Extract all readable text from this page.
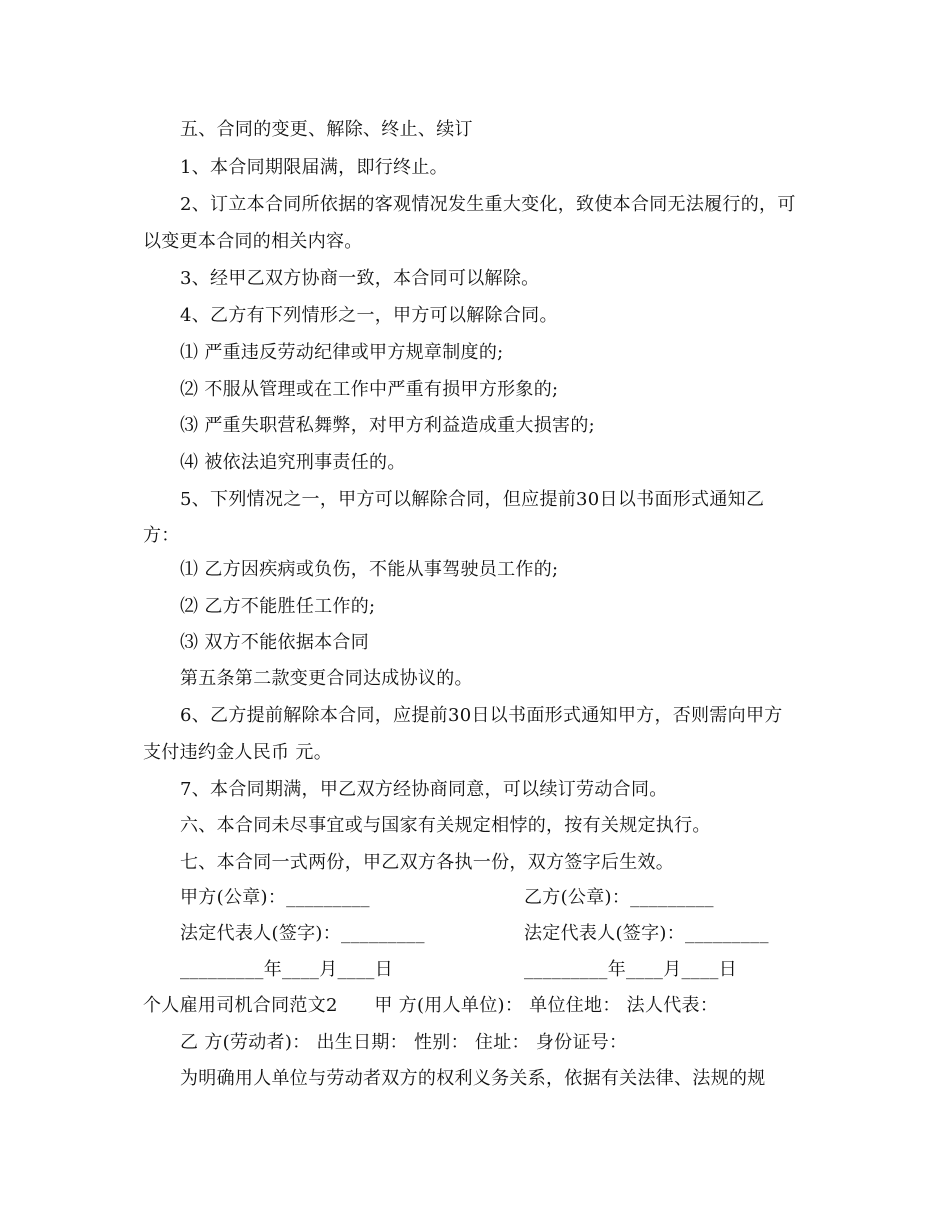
五、合同的变更、解除、终止、续订
1、本合同期限届满，即行终止。
2、订立本合同所依据的客观情况发生重大变化，致使本合同无法履行的，可
以变更本合同的相关内容。
3、经甲乙双方协商一致，本合同可以解除。
4、乙方有下列情形之一，甲方可以解除合同。
⑴ 严重违反劳动纪律或甲方规章制度的;
⑵ 不服从管理或在工作中严重有损甲方形象的;
⑶ 严重失职营私舞弊，对甲方利益造成重大损害的;
⑷ 被依法追究刑事责任的。
5、下列情况之一，甲方可以解除合同，但应提前30日以书面形式通知乙
方：
⑴ 乙方因疾病或负伤，不能从事驾驶员工作的;
⑵ 乙方不能胜任工作的;
⑶ 双方不能依据本合同
第五条第二款变更合同达成协议的。
6、乙方提前解除本合同，应提前30日以书面形式通知甲方，否则需向甲方
支付违约金人民币 元。
7、本合同期满，甲乙双方经协商同意，可以续订劳动合同。
六、本合同未尽事宜或与国家有关规定相悖的，按有关规定执行。
七、本合同一式两份，甲乙双方各执一份，双方签字后生效。
甲方(公章)：_________	乙方(公章)：_________
法定代表人(签字)：_________	法定代表人(签字)：_________
_________年____月____日	_________年____月____日
个人雇用司机合同范文2　　甲 方(用人单位)： 单位住地： 法人代表：
乙 方(劳动者)： 出生日期： 性别： 住址： 身份证号：
为明确用人单位与劳动者双方的权利义务关系，依据有关法律、法规的规
